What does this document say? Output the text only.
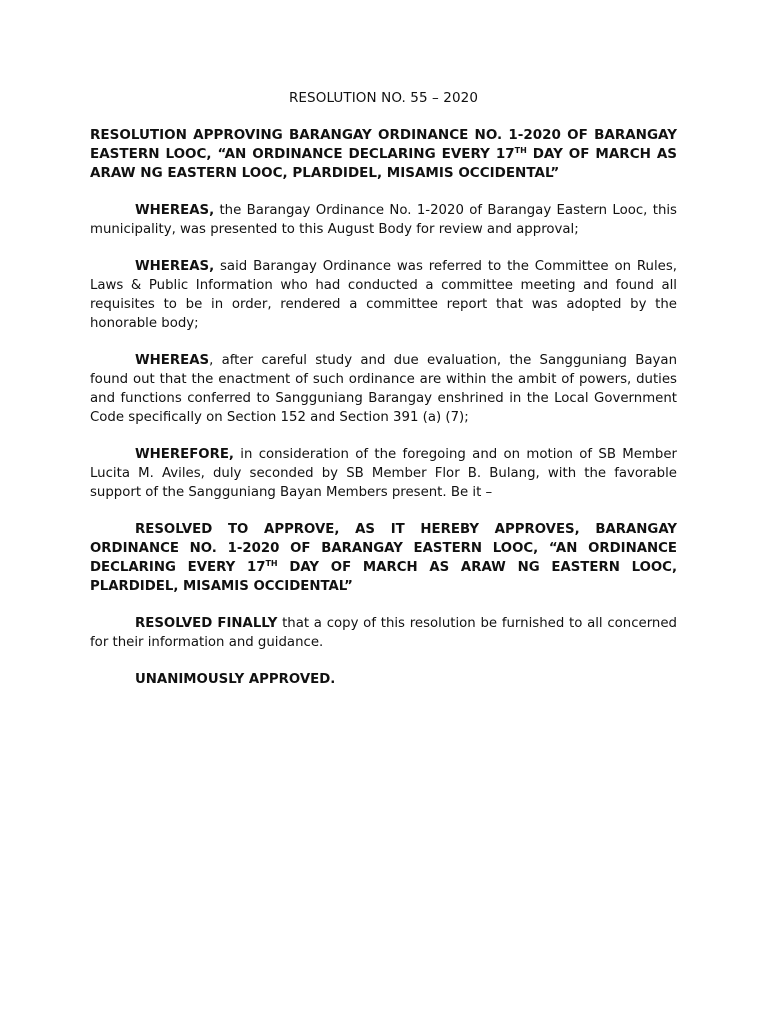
RESOLUTION NO. 55 – 2020

RESOLUTION APPROVING BARANGAY ORDINANCE NO. 1-2020 OF BARANGAY EASTERN LOOC, “AN ORDINANCE DECLARING EVERY 17TH DAY OF MARCH AS ARAW NG EASTERN LOOC, PLARDIDEL, MISAMIS OCCIDENTAL”

WHEREAS, the Barangay Ordinance No. 1-2020 of Barangay Eastern Looc, this municipality, was presented to this August Body for review and approval;

WHEREAS, said Barangay Ordinance was referred to the Committee on Rules, Laws & Public Information who had conducted a committee meeting and found all requisites to be in order, rendered a committee report that was adopted by the honorable body;

WHEREAS, after careful study and due evaluation, the Sangguniang Bayan found out that the enactment of such ordinance are within the ambit of powers, duties and functions conferred to Sangguniang Barangay enshrined in the Local Government Code specifically on Section 152 and Section 391 (a) (7);

WHEREFORE, in consideration of the foregoing and on motion of SB Member Lucita M. Aviles, duly seconded by SB Member Flor B. Bulang, with the favorable support of the Sangguniang Bayan Members present. Be it –

RESOLVED TO APPROVE, AS IT HEREBY APPROVES, BARANGAY ORDINANCE NO. 1-2020 OF BARANGAY EASTERN LOOC, “AN ORDINANCE DECLARING EVERY 17TH DAY OF MARCH AS ARAW NG EASTERN LOOC, PLARDIDEL, MISAMIS OCCIDENTAL”

RESOLVED FINALLY that a copy of this resolution be furnished to all concerned for their information and guidance.

UNANIMOUSLY APPROVED.
